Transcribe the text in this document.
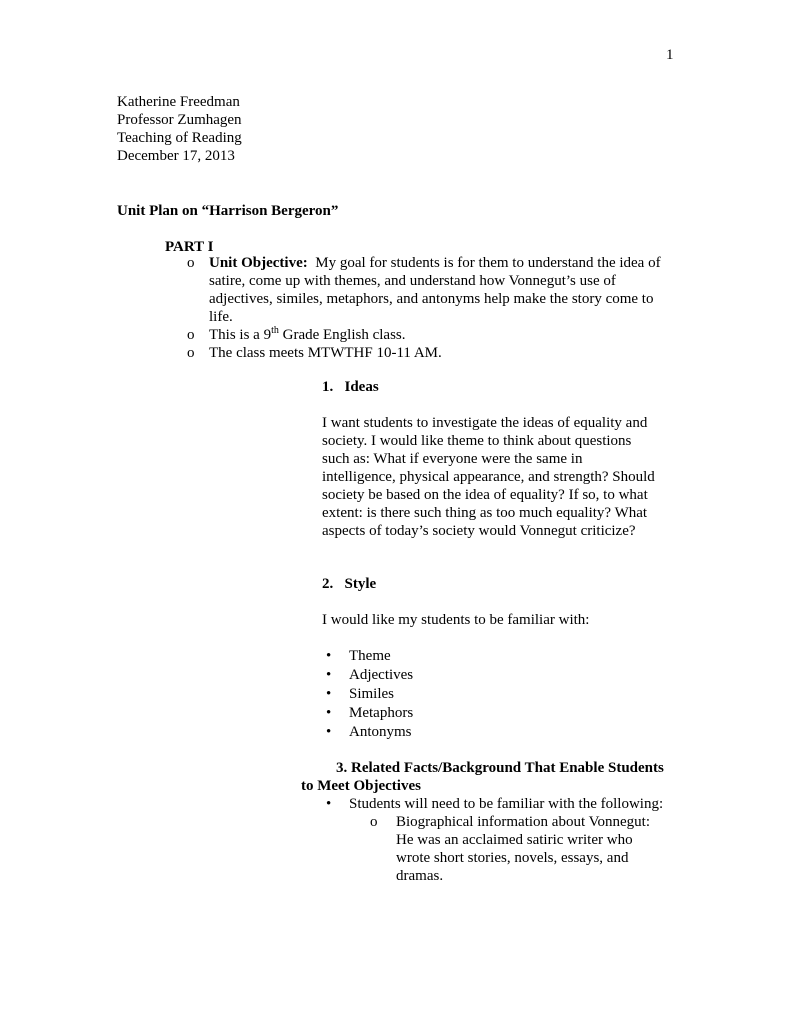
1
Katherine Freedman
Professor Zumhagen
Teaching of Reading
December 17, 2013
Unit Plan on “Harrison Bergeron”
PART I
o Unit Objective: My goal for students is for them to understand the idea of satire, come up with themes, and understand how Vonnegut’s use of adjectives, similes, metaphors, and antonyms help make the story come to life.
o This is a 9th Grade English class.
o The class meets MTWTHF 10-11 AM.
1.   Ideas
I want students to investigate the ideas of equality and
society. I would like theme to think about questions
such as: What if everyone were the same in
intelligence, physical appearance, and strength? Should
society be based on the idea of equality? If so, to what
extent: is there such thing as too much equality? What
aspects of today’s society would Vonnegut criticize?
2.   Style
I would like my students to be familiar with:
• Theme
• Adjectives
• Similes
• Metaphors
• Antonyms
3. Related Facts/Background That Enable Students
to Meet Objectives
• Students will need to be familiar with the following:
o	Biographical information about Vonnegut:
He was an acclaimed satiric writer who
wrote short stories, novels, essays, and
dramas.
